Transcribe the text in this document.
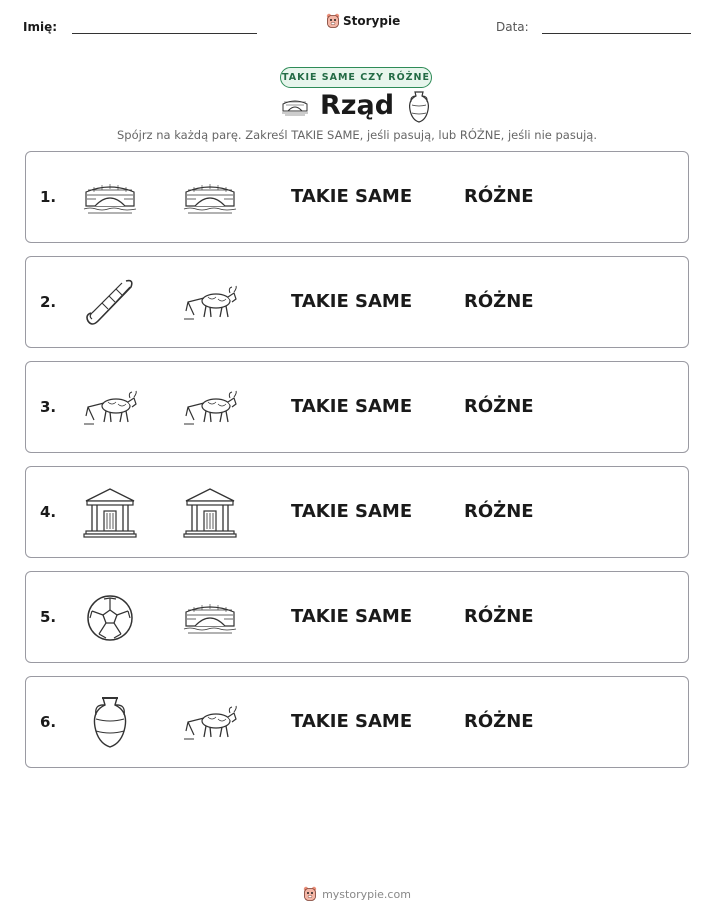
Imię:	Storypie	Data:
TAKIE SAME CZY RÓŻNE
Rząd
Spójrz na każdą parę. Zakreśl TAKIE SAME, jeśli pasują, lub RÓŻNE, jeśli nie pasują.
1.	TAKIE SAME	RÓŻNE
2.	TAKIE SAME	RÓŻNE
3.	TAKIE SAME	RÓŻNE
4.	TAKIE SAME	RÓŻNE
5.	TAKIE SAME	RÓŻNE
6.	TAKIE SAME	RÓŻNE
mystorypie.com
